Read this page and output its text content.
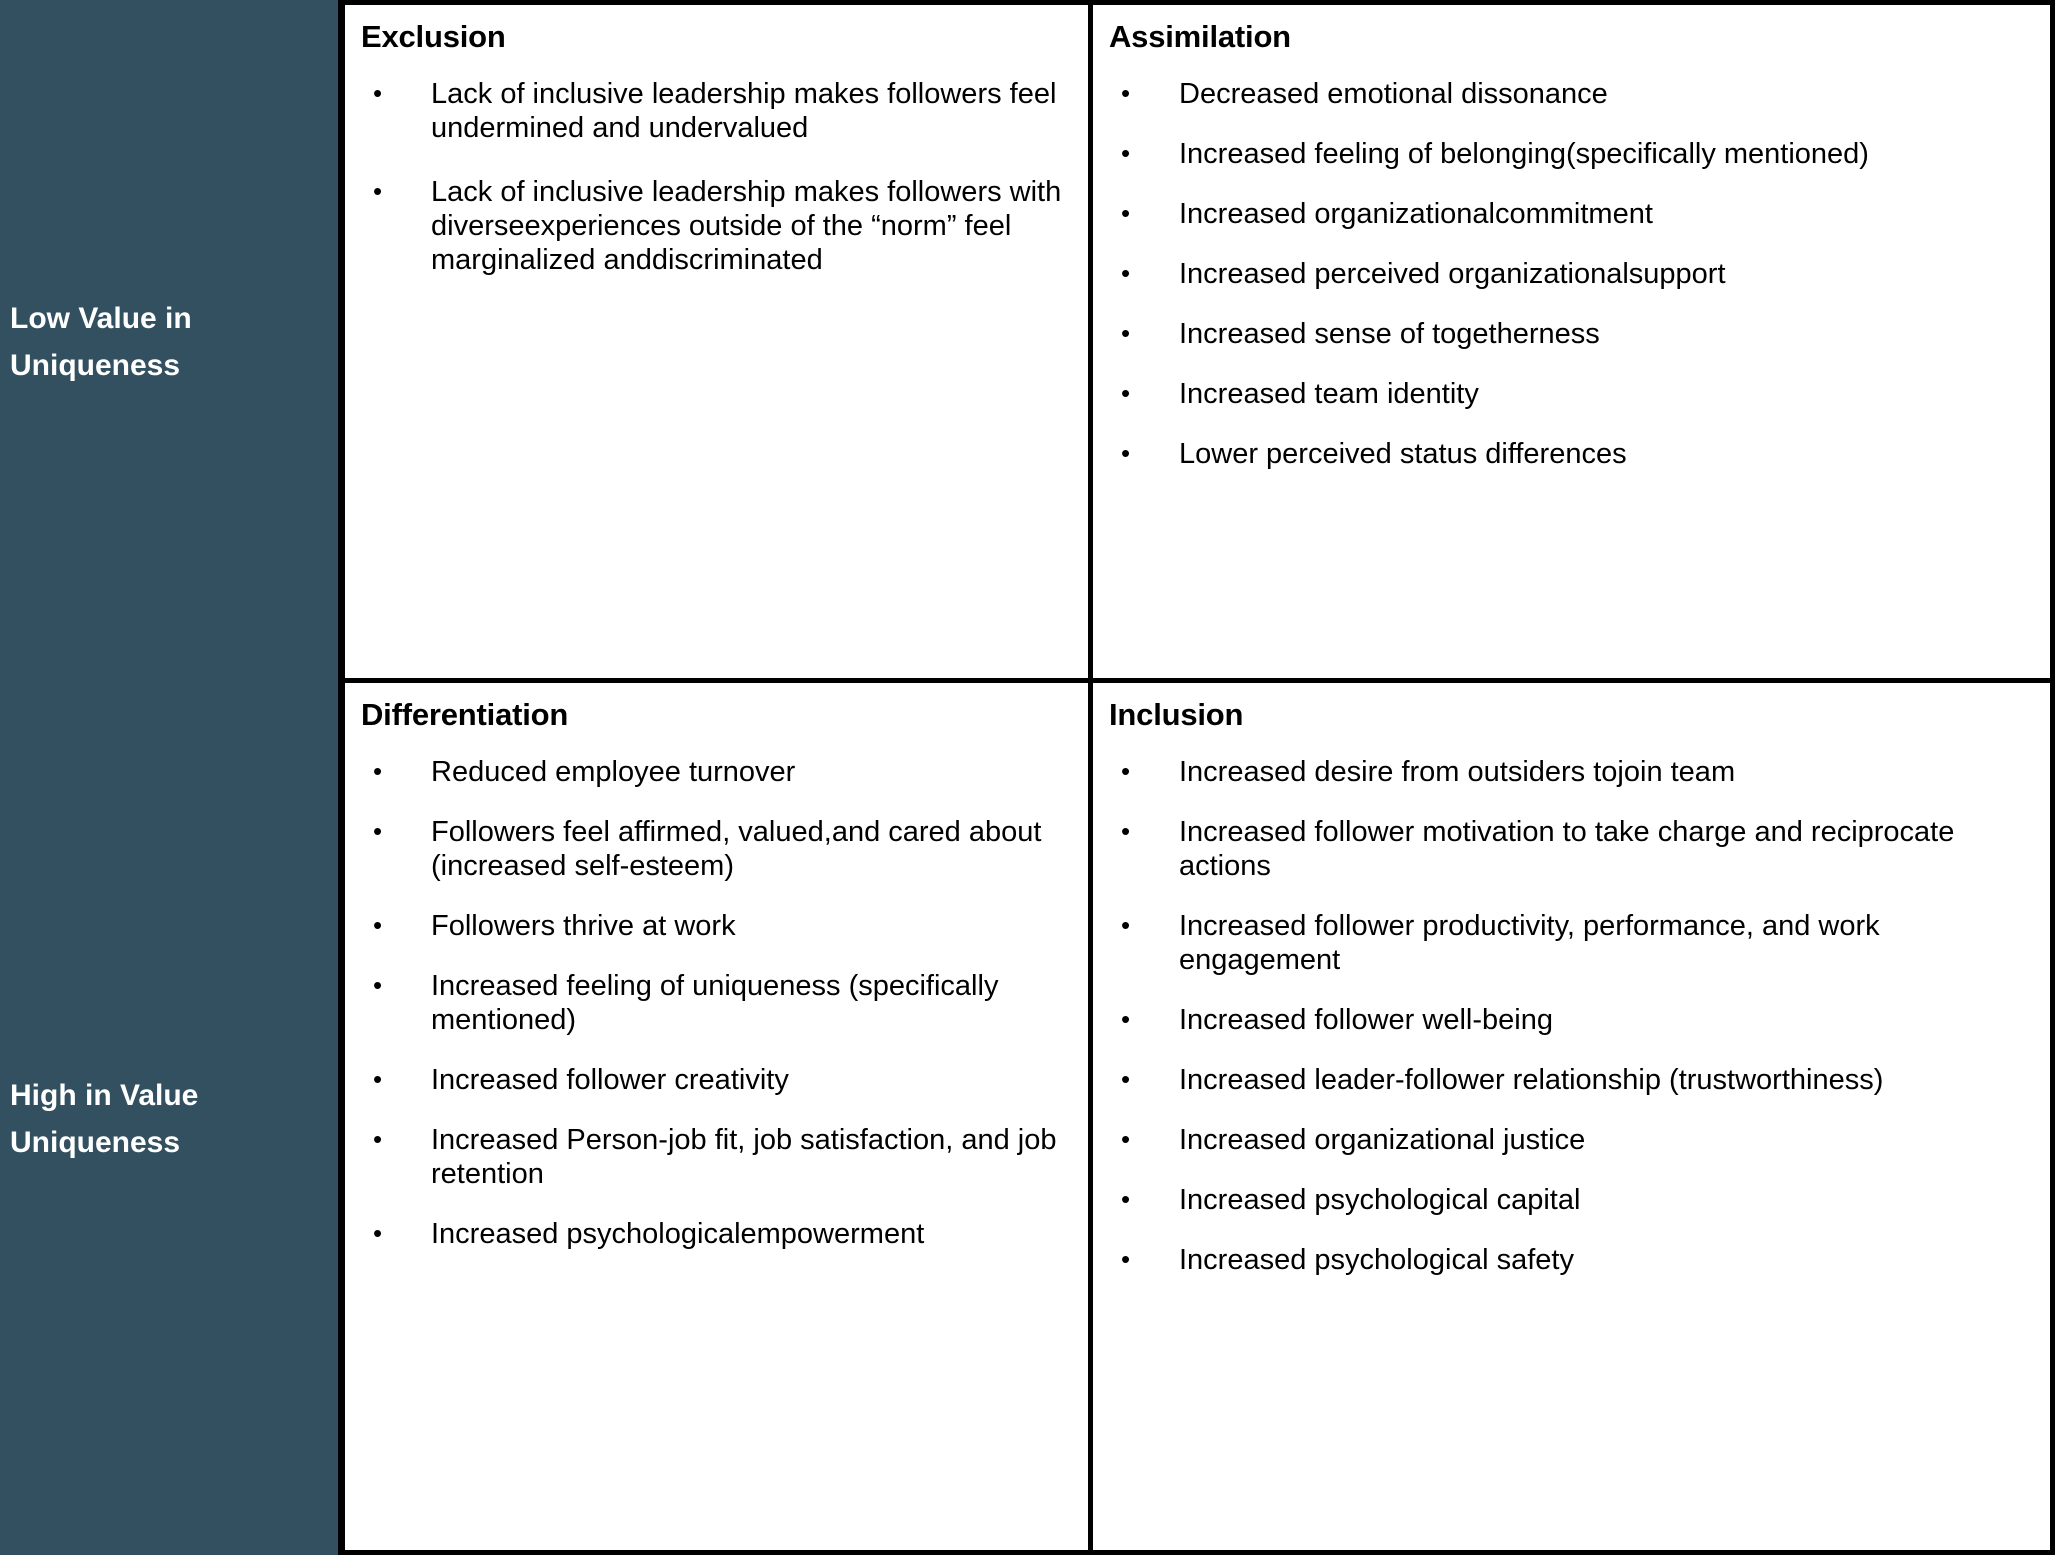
Low Value in
Uniqueness
High in Value
Uniqueness
Exclusion
• Lack of inclusive leadership makes followers feel undermined and undervalued
• Lack of inclusive leadership makes followers with diverseexperiences outside of the “norm” feel marginalized anddiscriminated
Assimilation
• Decreased emotional dissonance
• Increased feeling of belonging(specifically mentioned)
• Increased organizationalcommitment
• Increased perceived organizationalsupport
• Increased sense of togetherness
• Increased team identity
• Lower perceived status differences
Differentiation
• Reduced employee turnover
• Followers feel affirmed, valued,and cared about (increased self-esteem)
• Followers thrive at work
• Increased feeling of uniqueness (specifically mentioned)
• Increased follower creativity
• Increased Person-job fit, job satisfaction, and job retention
• Increased psychologicalempowerment
Inclusion
• Increased desire from outsiders tojoin team
• Increased follower motivation to take charge and reciprocate actions
• Increased follower productivity, performance, and work engagement
• Increased follower well-being
• Increased leader-follower relationship (trustworthiness)
• Increased organizational justice
• Increased psychological capital
• Increased psychological safety
